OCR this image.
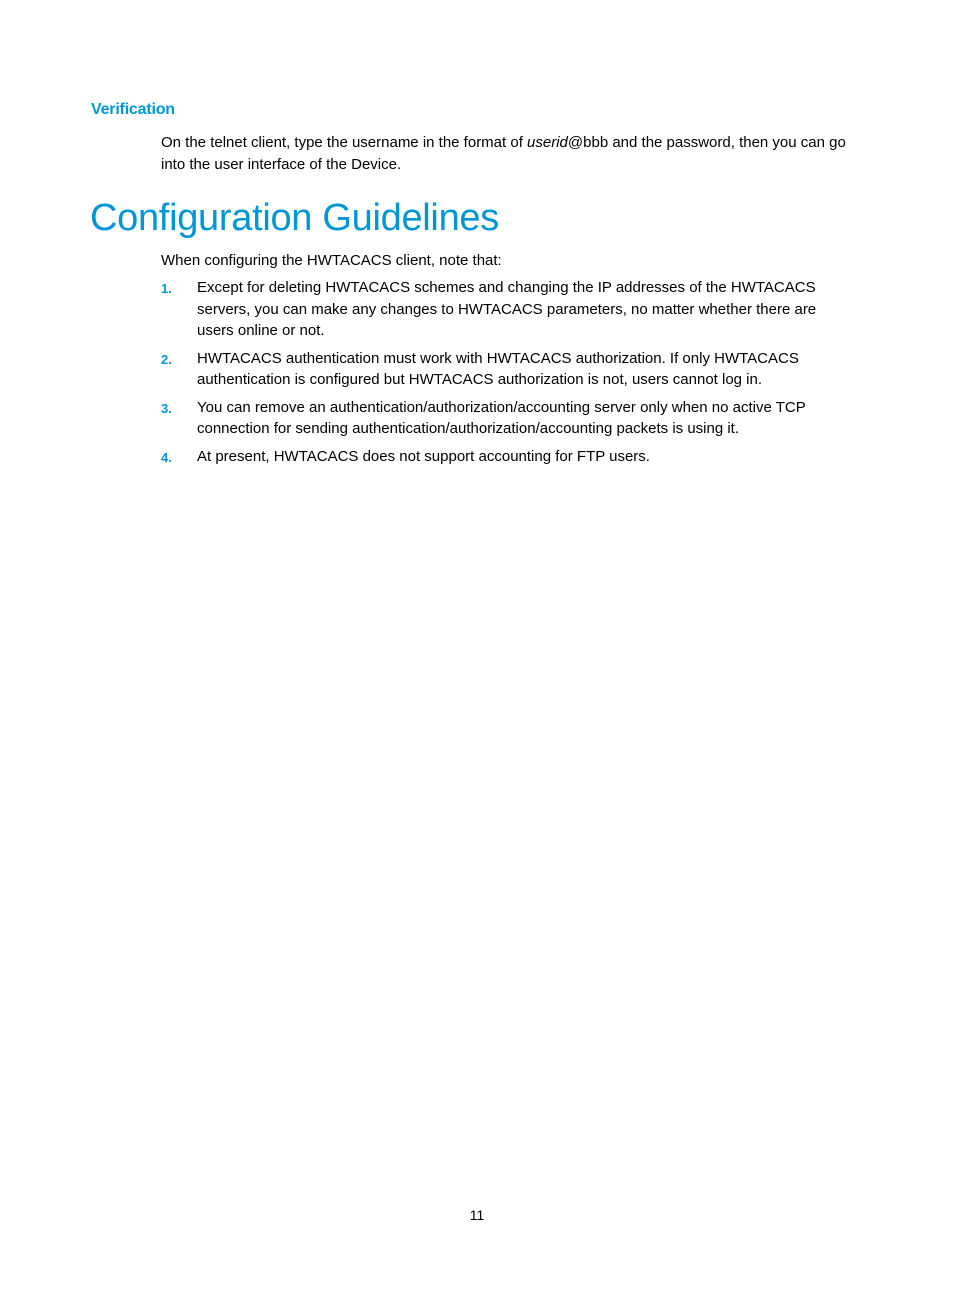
Verification

On the telnet client, type the username in the format of userid@bbb and the password, then you can go into the user interface of the Device.

Configuration Guidelines

When configuring the HWTACACS client, note that:

1. Except for deleting HWTACACS schemes and changing the IP addresses of the HWTACACS servers, you can make any changes to HWTACACS parameters, no matter whether there are users online or not.
2. HWTACACS authentication must work with HWTACACS authorization. If only HWTACACS authentication is configured but HWTACACS authorization is not, users cannot log in.
3. You can remove an authentication/authorization/accounting server only when no active TCP connection for sending authentication/authorization/accounting packets is using it.
4. At present, HWTACACS does not support accounting for FTP users.
11
